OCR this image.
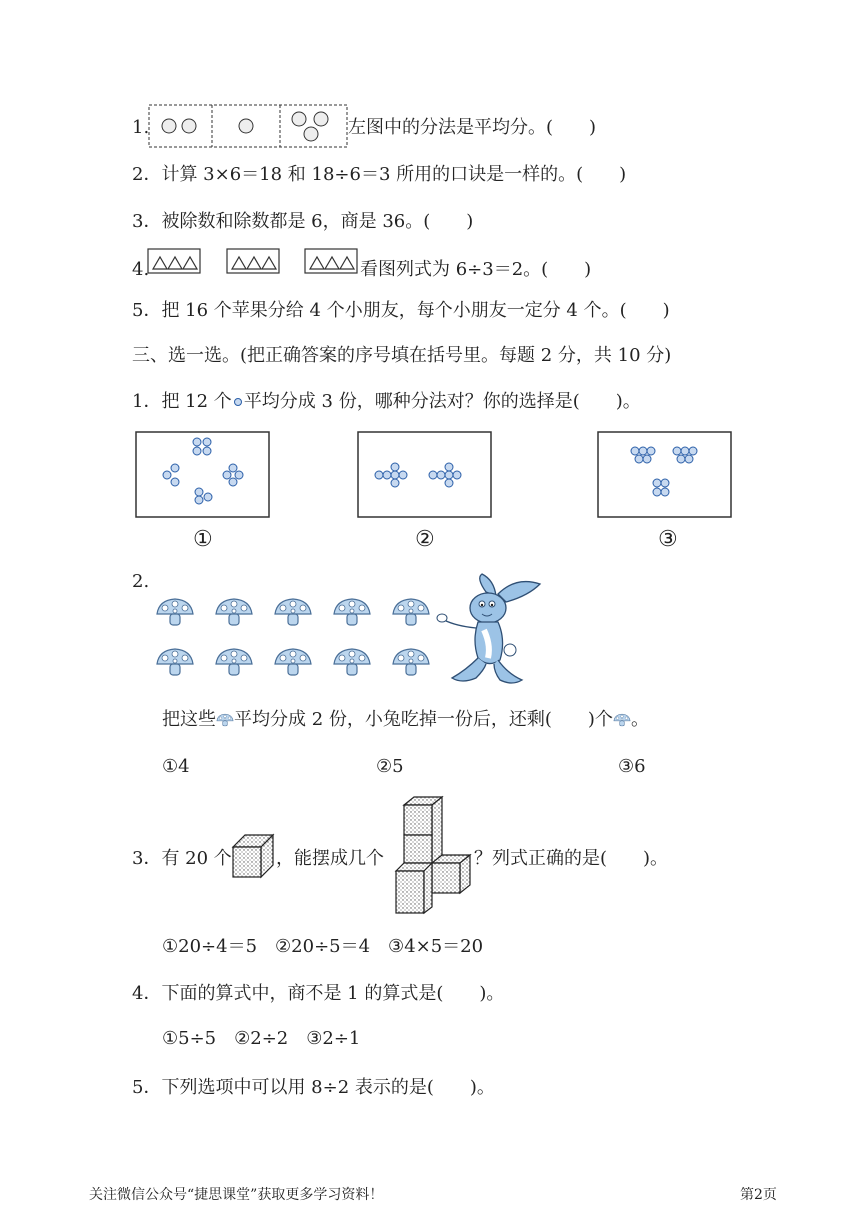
1.	左图中的分法是平均分。(　　)
2．计算 3×6＝18 和 18÷6＝3 所用的口诀是一样的。(　　)
3．被除数和除数都是 6，商是 36。(　　)
4.	看图列式为 6÷3＝2。(　　)
5．把 16 个苹果分给 4 个小朋友，每个小朋友一定分 4 个。(　　)
三、选一选。(把正确答案的序号填在括号里。每题 2 分，共 10 分)
1．把 12 个 平均分成 3 份，哪种分法对？你的选择是(　　)。
①	②	③
2.
把这些 平均分成 2 份，小兔吃掉一份后，还剩(　　)个 。
①4	②5	③6
3．有 20 个 ，能摆成几个	？列式正确的是(　　)。
①20÷4＝5　②20÷5＝4　③4×5＝20
4．下面的算式中，商不是 1 的算式是(　　)。
①5÷5　②2÷2　③2÷1
5．下列选项中可以用 8÷2 表示的是(　　)。
关注微信公众号“捷思课堂”获取更多学习资料！	第2页
